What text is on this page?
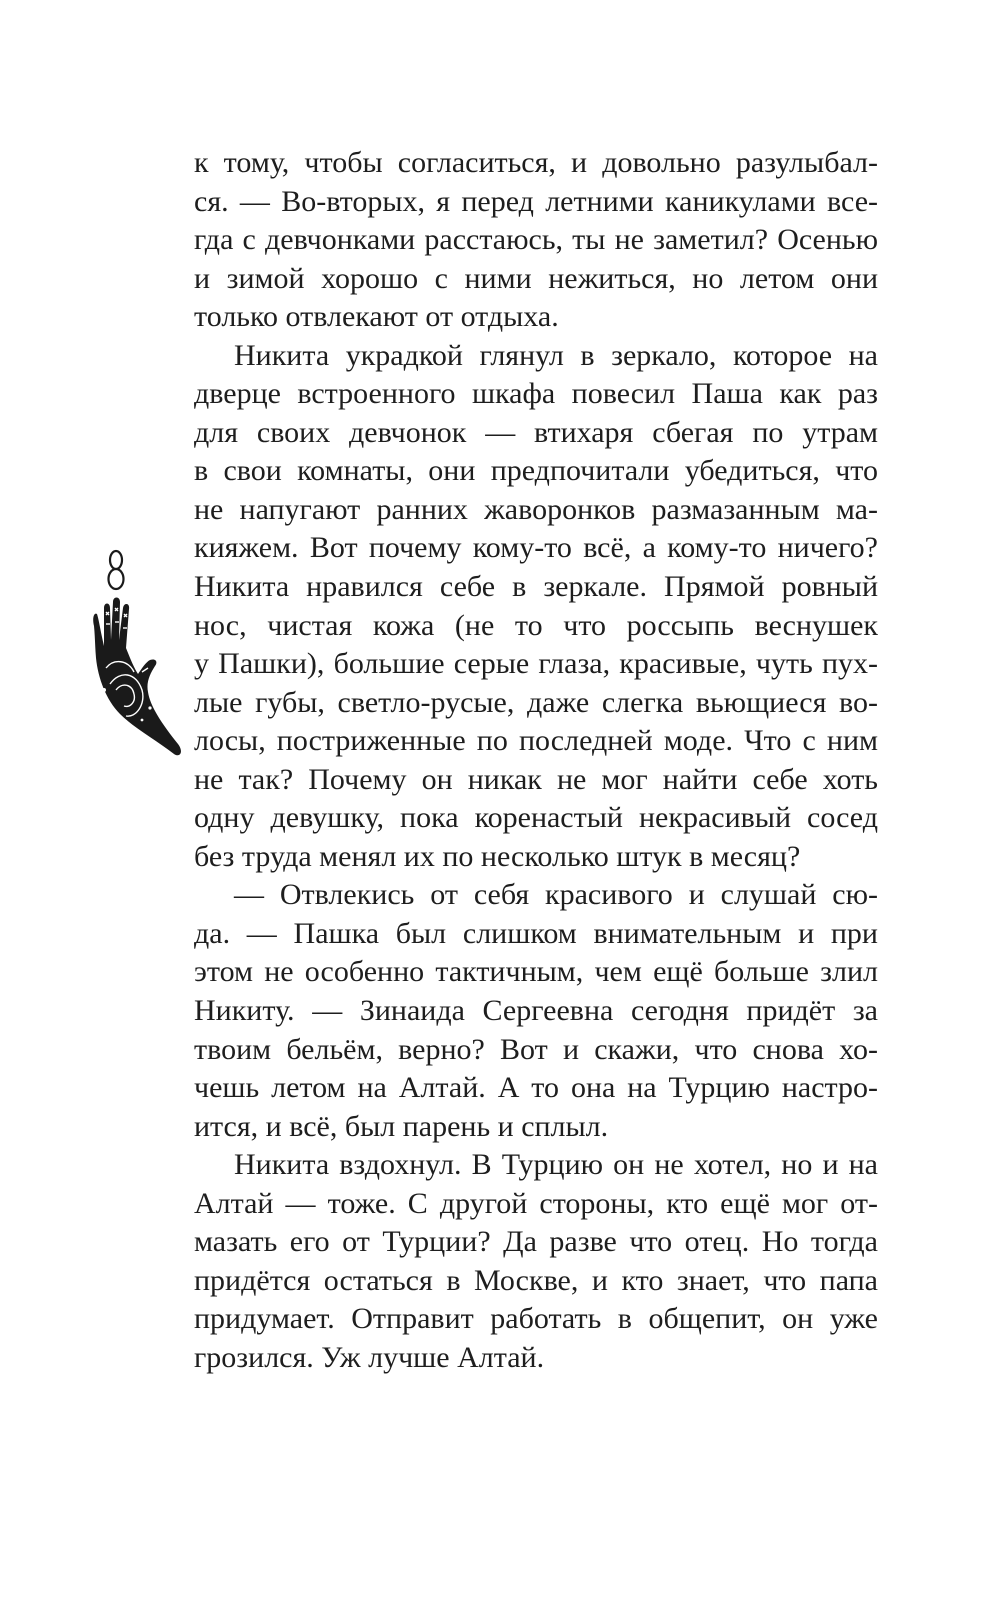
к тому, чтобы согласиться, и довольно разулыбал-
ся. — Во-вторых, я перед летними каникулами все-
гда с девчонками расстаюсь, ты не заметил? Осенью
и зимой хорошо с ними нежиться, но летом они
только отвлекают от отдыха.
Никита украдкой глянул в зеркало, которое на
дверце встроенного шкафа повесил Паша как раз
для своих девчонок — втихаря сбегая по утрам
в свои комнаты, они предпочитали убедиться, что
не напугают ранних жаворонков размазанным ма-
кияжем. Вот почему кому-то всё, а кому-то ничего?
Никита нравился себе в зеркале. Прямой ровный
нос, чистая кожа (не то что россыпь веснушек
у Пашки), большие серые глаза, красивые, чуть пух-
лые губы, светло-русые, даже слегка вьющиеся во-
лосы, постриженные по последней моде. Что с ним
не так? Почему он никак не мог найти себе хоть
одну девушку, пока коренастый некрасивый сосед
без труда менял их по несколько штук в месяц?
— Отвлекись от себя красивого и слушай сю-
да. — Пашка был слишком внимательным и при
этом не особенно тактичным, чем ещё больше злил
Никиту. — Зинаида Сергеевна сегодня придёт за
твоим бельём, верно? Вот и скажи, что снова хо-
чешь летом на Алтай. А то она на Турцию настро-
ится, и всё, был парень и сплыл.
Никита вздохнул. В Турцию он не хотел, но и на
Алтай — тоже. С другой стороны, кто ещё мог от-
мазать его от Турции? Да разве что отец. Но тогда
придётся остаться в Москве, и кто знает, что папа
придумает. Отправит работать в общепит, он уже
грозился. Уж лучше Алтай.
